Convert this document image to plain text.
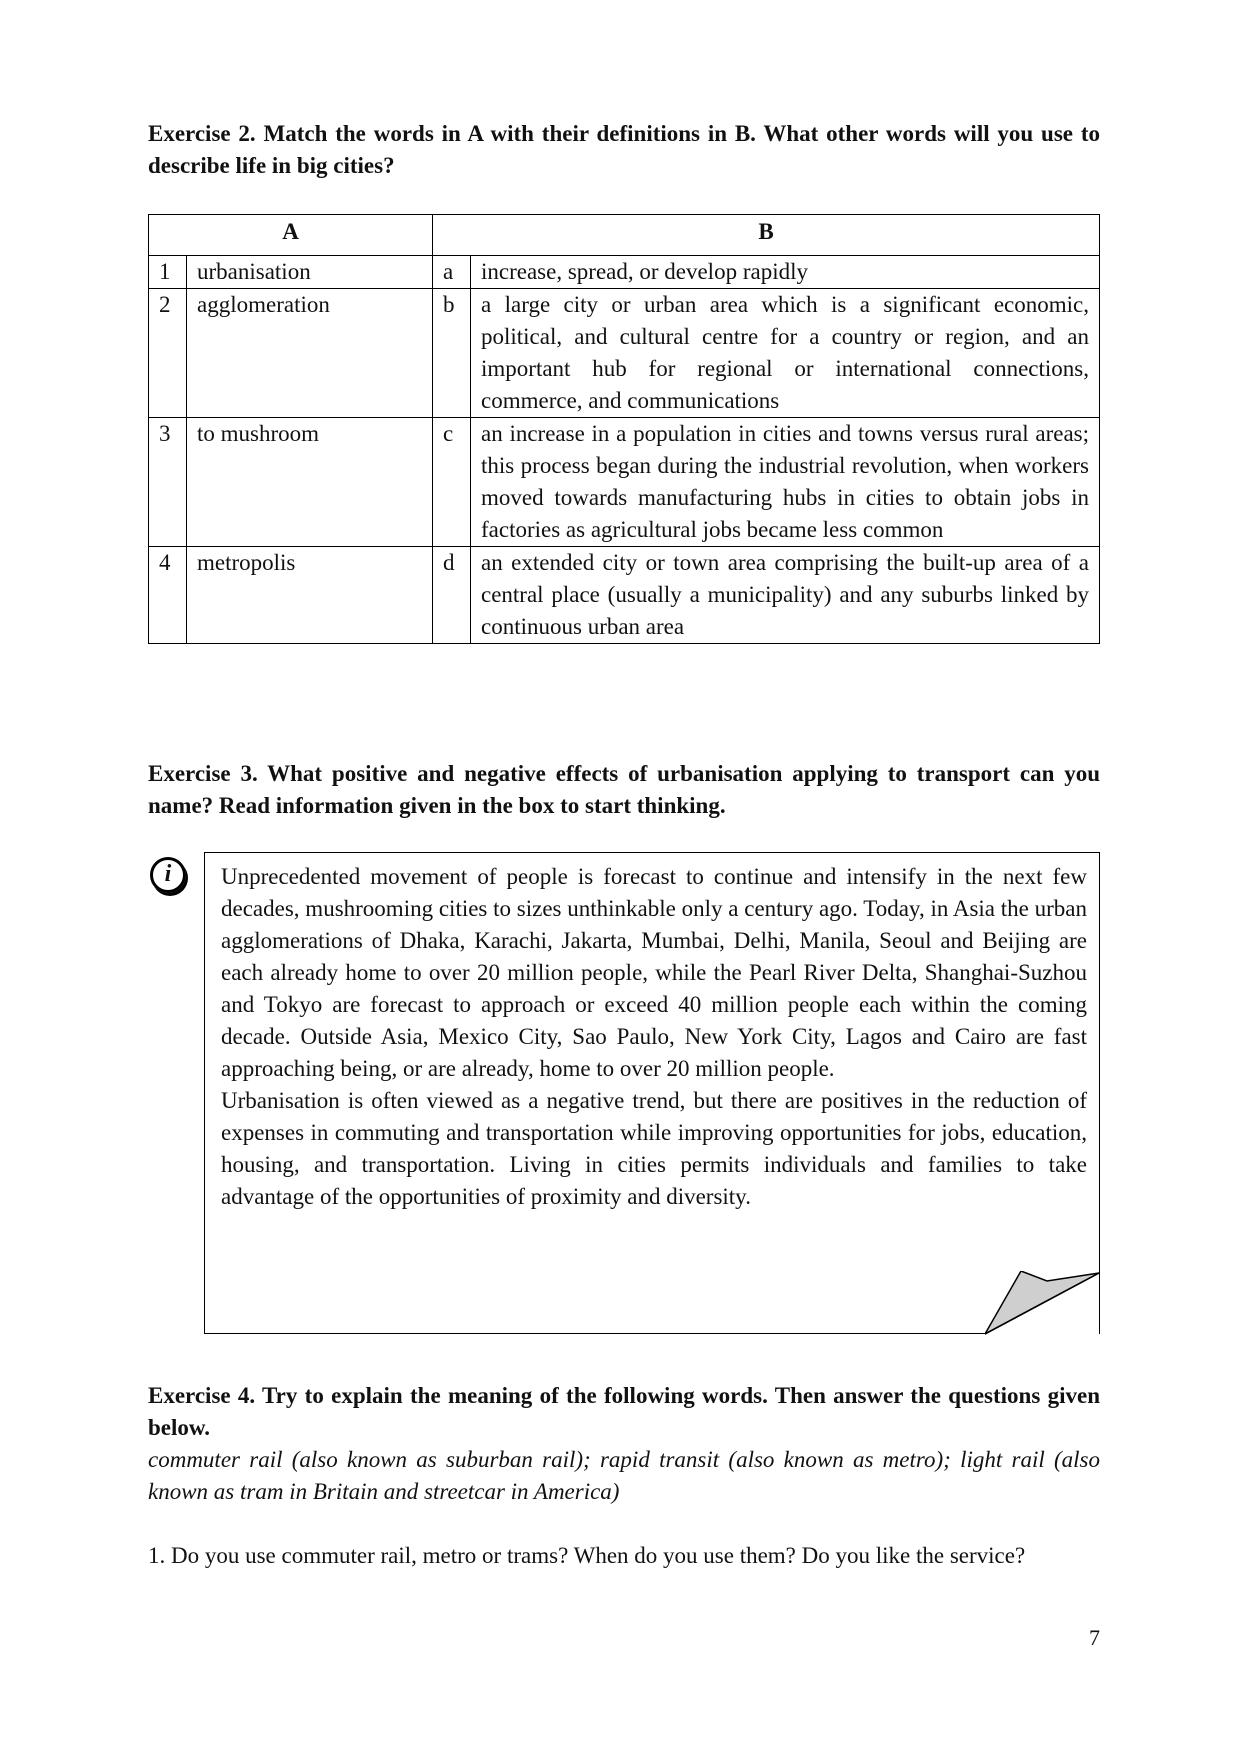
Exercise 2. Match the words in A with their definitions in B. What other words will you use to describe life in big cities?

A		B	
1	urbanisation	a	increase, spread, or develop rapidly
2	agglomeration	b	a large city or urban area which is a significant economic, political, and cultural centre for a country or region, and an important hub for regional or international connections, commerce, and communications
3	to mushroom	c	an increase in a population in cities and towns versus rural areas; this process began during the industrial revolution, when workers moved towards manufacturing hubs in cities to obtain jobs in factories as agricultural jobs became less common
4	metropolis	d	an extended city or town area comprising the built-up area of a central place (usually a municipality) and any suburbs linked by continuous urban area

Exercise 3. What positive and negative effects of urbanisation applying to transport can you name? Read information given in the box to start thinking.

i	Unprecedented movement of people is forecast to continue and intensify in the next few decades, mushrooming cities to sizes unthinkable only a century ago. Today, in Asia the urban agglomerations of Dhaka, Karachi, Jakarta, Mumbai, Delhi, Manila, Seoul and Beijing are each already home to over 20 million people, while the Pearl River Delta, Shanghai-Suzhou and Tokyo are forecast to approach or exceed 40 million people each within the coming decade. Outside Asia, Mexico City, Sao Paulo, New York City, Lagos and Cairo are fast approaching being, or are already, home to over 20 million people.

Urbanisation is often viewed as a negative trend, but there are positives in the reduction of expenses in commuting and transportation while improving opportunities for jobs, education, housing, and transportation. Living in cities permits individuals and families to take advantage of the opportunities of proximity and diversity.

Exercise 4. Try to explain the meaning of the following words. Then answer the questions given below.

commuter rail (also known as suburban rail); rapid transit (also known as metro); light rail (also known as tram in Britain and streetcar in America)

1. Do you use commuter rail, metro or trams? When do you use them? Do you like the service?

7
